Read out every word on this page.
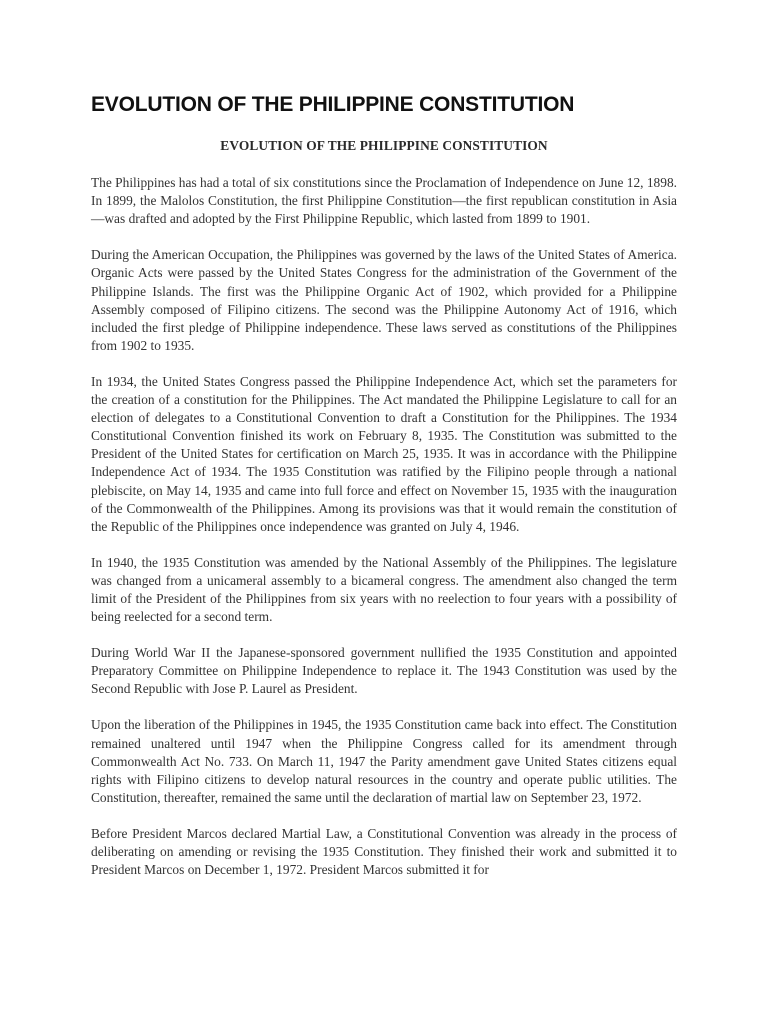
EVOLUTION OF THE PHILIPPINE CONSTITUTION

EVOLUTION OF THE PHILIPPINE CONSTITUTION

The Philippines has had a total of six constitutions since the Proclamation of Independence on June 12, 1898. In 1899, the Malolos Constitution, the first Philippine Constitution—the first republican constitution in Asia—was drafted and adopted by the First Philippine Republic, which lasted from 1899 to 1901.

During the American Occupation, the Philippines was governed by the laws of the United States of America. Organic Acts were passed by the United States Congress for the administration of the Government of the Philippine Islands. The first was the Philippine Organic Act of 1902, which provided for a Philippine Assembly composed of Filipino citizens. The second was the Philippine Autonomy Act of 1916, which included the first pledge of Philippine independence. These laws served as constitutions of the Philippines from 1902 to 1935.

In 1934, the United States Congress passed the Philippine Independence Act, which set the parameters for the creation of a constitution for the Philippines. The Act mandated the Philippine Legislature to call for an election of delegates to a Constitutional Convention to draft a Constitution for the Philippines. The 1934 Constitutional Convention finished its work on February 8, 1935. The Constitution was submitted to the President of the United States for certification on March 25, 1935. It was in accordance with the Philippine Independence Act of 1934. The 1935 Constitution was ratified by the Filipino people through a national plebiscite, on May 14, 1935 and came into full force and effect on November 15, 1935 with the inauguration of the Commonwealth of the Philippines. Among its provisions was that it would remain the constitution of the Republic of the Philippines once independence was granted on July 4, 1946.

In 1940, the 1935 Constitution was amended by the National Assembly of the Philippines. The legislature was changed from a unicameral assembly to a bicameral congress. The amendment also changed the term limit of the President of the Philippines from six years with no reelection to four years with a possibility of being reelected for a second term.

During World War II the Japanese-sponsored government nullified the 1935 Constitution and appointed Preparatory Committee on Philippine Independence to replace it. The 1943 Constitution was used by the Second Republic with Jose P. Laurel as President.

Upon the liberation of the Philippines in 1945, the 1935 Constitution came back into effect. The Constitution remained unaltered until 1947 when the Philippine Congress called for its amendment through Commonwealth Act No. 733. On March 11, 1947 the Parity amendment gave United States citizens equal rights with Filipino citizens to develop natural resources in the country and operate public utilities. The Constitution, thereafter, remained the same until the declaration of martial law on September 23, 1972.

Before President Marcos declared Martial Law, a Constitutional Convention was already in the process of deliberating on amending or revising the 1935 Constitution. They finished their work and submitted it to President Marcos on December 1, 1972. President Marcos submitted it for
